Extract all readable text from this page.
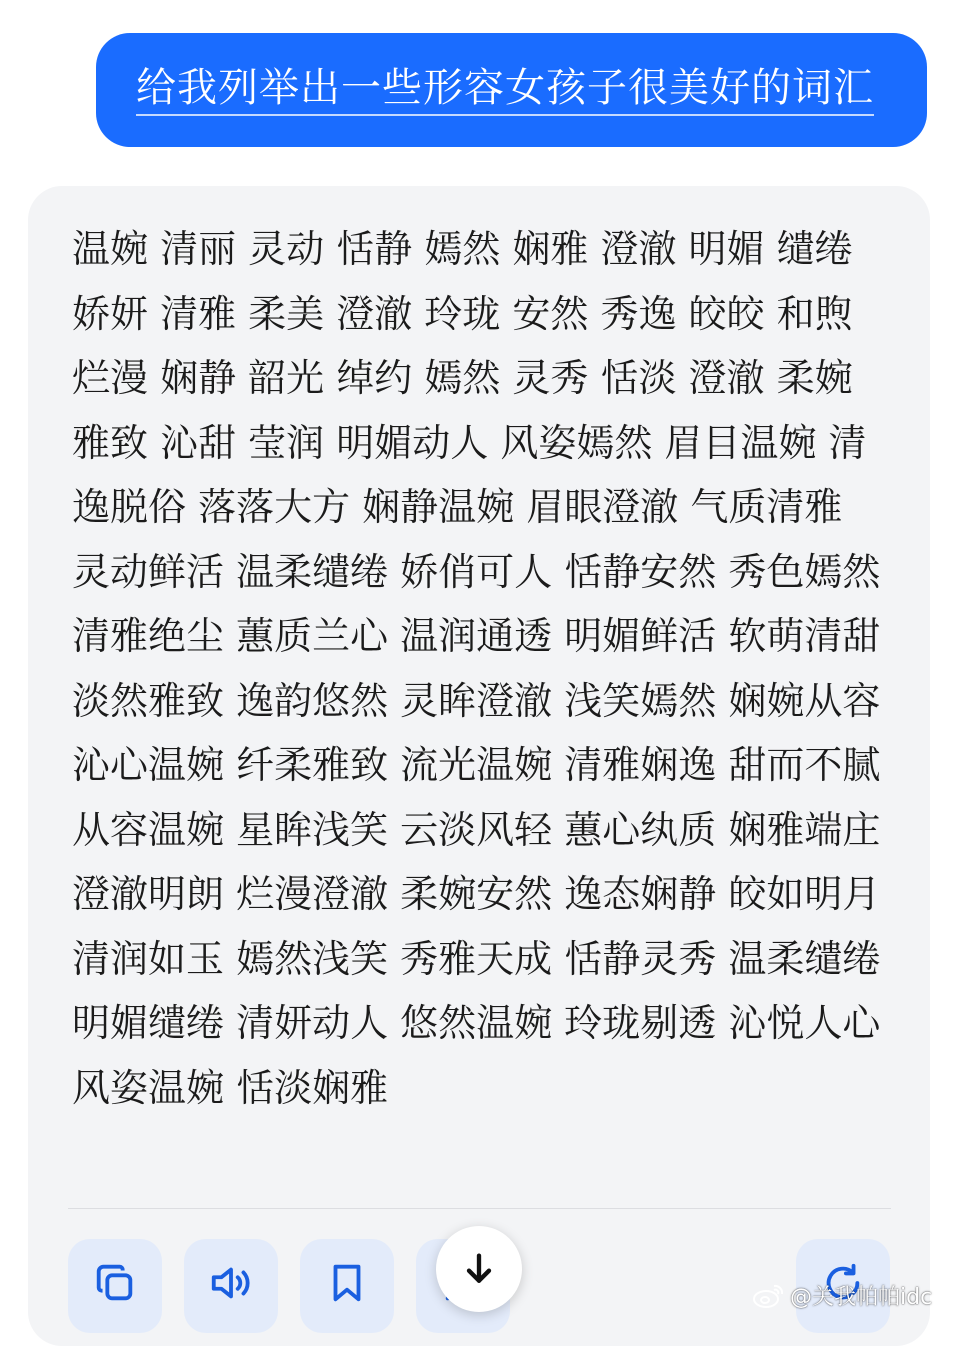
给我列举出一些形容女孩子很美好的词汇

温婉 清丽 灵动 恬静 嫣然 娴雅 澄澈 明媚 缱绻 娇妍 清雅 柔美 澄澈 玲珑 安然 秀逸 皎皎 和煦 烂漫 娴静 韶光 绰约 嫣然 灵秀 恬淡 澄澈 柔婉 雅致 沁甜 莹润 明媚动人 风姿嫣然 眉目温婉 清逸脱俗 落落大方 娴静温婉 眉眼澄澈 气质清雅 灵动鲜活 温柔缱绻 娇俏可人 恬静安然 秀色嫣然 清雅绝尘 蕙质兰心 温润通透 明媚鲜活 软萌清甜 淡然雅致 逸韵悠然 灵眸澄澈 浅笑嫣然 娴婉从容 沁心温婉 纤柔雅致 流光温婉 清雅娴逸 甜而不腻 从容温婉 星眸浅笑 云淡风轻 蕙心纨质 娴雅端庄 澄澈明朗 烂漫澄澈 柔婉安然 逸态娴静 皎如明月 清润如玉 嫣然浅笑 秀雅天成 恬静灵秀 温柔缱绻 明媚缱绻 清妍动人 悠然温婉 玲珑剔透 沁悦人心 风姿温婉 恬淡娴雅

@关我帕帕idc
